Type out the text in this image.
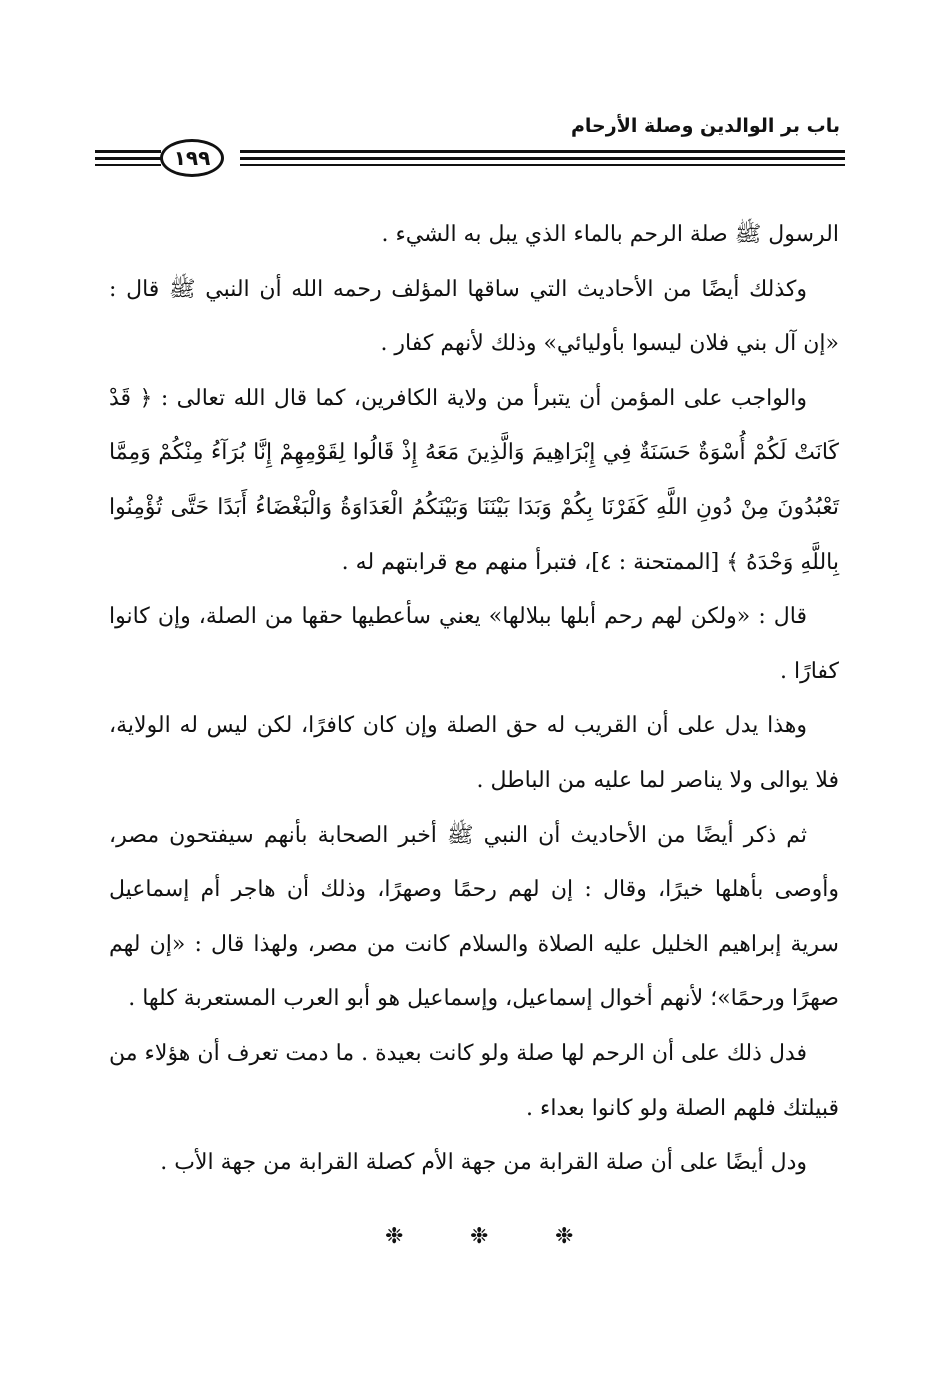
باب بر الوالدين وصلة الأرحام
١٩٩

الرسول ﷺ صلة الرحم بالماء الذي يبل به الشيء .

وكذلك أيضًا من الأحاديث التي ساقها المؤلف رحمه الله أن النبي ﷺ قال : «إن آل بني فلان ليسوا بأوليائي» وذلك لأنهم كفار .

والواجب على المؤمن أن يتبرأ من ولاية الكافرين، كما قال الله تعالى : ﴿ قَدْ كَانَتْ لَكُمْ أُسْوَةٌ حَسَنَةٌ فِي إِبْرَاهِيمَ وَالَّذِينَ مَعَهُ إِذْ قَالُوا لِقَوْمِهِمْ إِنَّا بُرَآءُ مِنْكُمْ وَمِمَّا تَعْبُدُونَ مِنْ دُونِ اللَّهِ كَفَرْنَا بِكُمْ وَبَدَا بَيْنَنَا وَبَيْنَكُمُ الْعَدَاوَةُ وَالْبَغْضَاءُ أَبَدًا حَتَّى تُؤْمِنُوا بِاللَّهِ وَحْدَهُ ﴾ [الممتحنة : ٤]، فتبرأ منهم مع قرابتهم له .

قال : «ولكن لهم رحم أبلها ببلالها» يعني سأعطيها حقها من الصلة، وإن كانوا كفارًا .

وهذا يدل على أن القريب له حق الصلة وإن كان كافرًا، لكن ليس له الولاية، فلا يوالى ولا يناصر لما عليه من الباطل .

ثم ذكر أيضًا من الأحاديث أن النبي ﷺ أخبر الصحابة بأنهم سيفتحون مصر، وأوصى بأهلها خيرًا، وقال : إن لهم رحمًا وصهرًا، وذلك أن هاجر أم إسماعيل سرية إبراهيم الخليل عليه الصلاة والسلام كانت من مصر، ولهذا قال : «إن لهم صهرًا ورحمًا»؛ لأنهم أخوال إسماعيل، وإسماعيل هو أبو العرب المستعربة كلها .

فدل ذلك على أن الرحم لها صلة ولو كانت بعيدة . ما دمت تعرف أن هؤلاء من قبيلتك فلهم الصلة ولو كانوا بعداء .

ودل أيضًا على أن صلة القرابة من جهة الأم كصلة القرابة من جهة الأب .

❉
❉
❉
